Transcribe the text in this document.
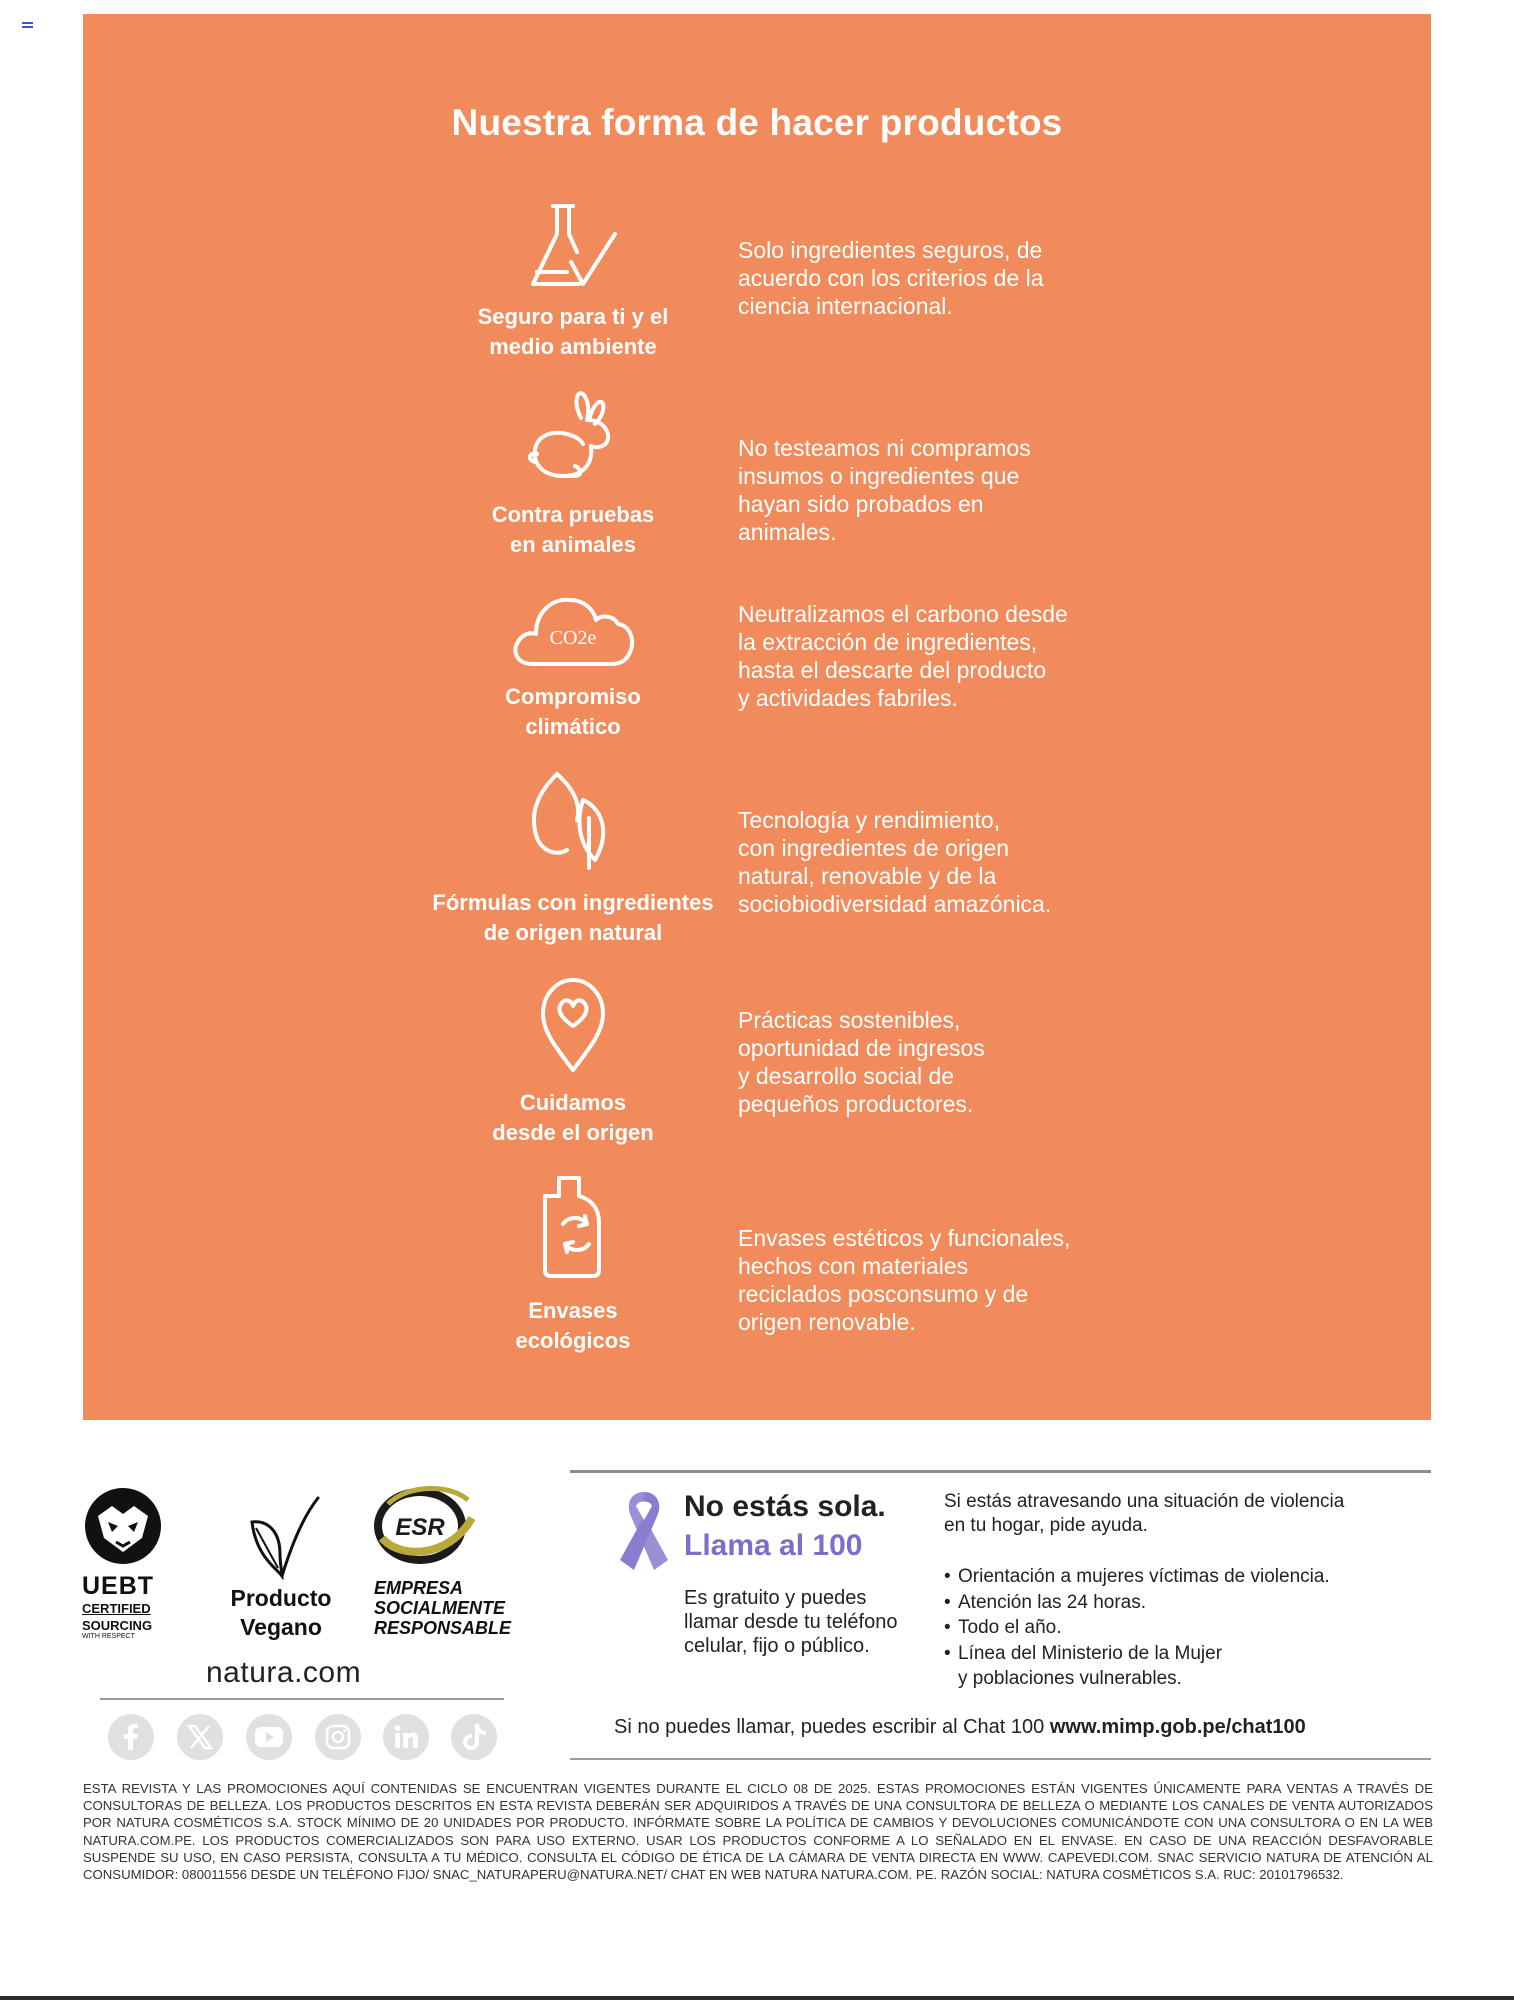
Nuestra forma de hacer productos
Seguro para ti y el
medio ambiente
Solo ingredientes seguros, de
acuerdo con los criterios de la
ciencia internacional.
Contra pruebas
en animales
No testeamos ni compramos
insumos o ingredientes que
hayan sido probados en
animales.
CO2e
Compromiso
climático
Neutralizamos el carbono desde
la extracción de ingredientes,
hasta el descarte del producto
y actividades fabriles.
Fórmulas con ingredientes
de origen natural
Tecnología y rendimiento,
con ingredientes de origen
natural, renovable y de la
sociobiodiversidad amazónica.
Cuidamos
desde el origen
Prácticas sostenibles,
oportunidad de ingresos
y desarrollo social de
pequeños productores.
Envases
ecológicos
Envases estéticos y funcionales,
hechos con materiales
reciclados posconsumo y de
origen renovable.
UEBT
CERTIFIED
SOURCING
WITH RESPECT
Producto
Vegano
ESR
EMPRESA
SOCIALMENTE
RESPONSABLE
natura.com
No estás sola.
Llama al 100
Es gratuito y puedes
llamar desde tu teléfono
celular, fijo o público.
Si estás atravesando una situación de violencia
en tu hogar, pide ayuda.
• Orientación a mujeres víctimas de violencia.
• Atención las 24 horas.
• Todo el año.
• Línea del Ministerio de la Mujer
y poblaciones vulnerables.
Si no puedes llamar, puedes escribir al Chat 100 www.mimp.gob.pe/chat100
ESTA REVISTA Y LAS PROMOCIONES AQUÍ CONTENIDAS SE ENCUENTRAN VIGENTES DURANTE EL CICLO 08 DE 2025. ESTAS PROMOCIONES ESTÁN VIGENTES ÚNICAMENTE PARA VENTAS A TRAVÉS DE CONSULTORAS DE BELLEZA. LOS PRODUCTOS DESCRITOS EN ESTA REVISTA DEBERÁN SER ADQUIRIDOS A TRAVÉS DE UNA CONSULTORA DE BELLEZA O MEDIANTE LOS CANALES DE VENTA AUTORIZADOS POR NATURA COSMÉTICOS S.A. STOCK MÍNIMO DE 20 UNIDADES POR PRODUCTO. INFÓRMATE SOBRE LA POLÍTICA DE CAMBIOS Y DEVOLUCIONES COMUNICÁNDOTE CON UNA CONSULTORA O EN LA WEB NATURA.COM.PE. LOS PRODUCTOS COMERCIALIZADOS SON PARA USO EXTERNO. USAR LOS PRODUCTOS CONFORME A LO SEÑALADO EN EL ENVASE. EN CASO DE UNA REACCIÓN DESFAVORABLE SUSPENDE SU USO, EN CASO PERSISTA, CONSULTA A TU MÉDICO. CONSULTA EL CÓDIGO DE ÉTICA DE LA CÁMARA DE VENTA DIRECTA EN WWW. CAPEVEDI.COM. SNAC SERVICIO NATURA DE ATENCIÓN AL CONSUMIDOR: 080011556 DESDE UN TELÉFONO FIJO/ SNAC_NATURAPERU@NATURA.NET/ CHAT EN WEB NATURA NATURA.COM. PE. RAZÓN SOCIAL: NATURA COSMÉTICOS S.A. RUC: 20101796532.
